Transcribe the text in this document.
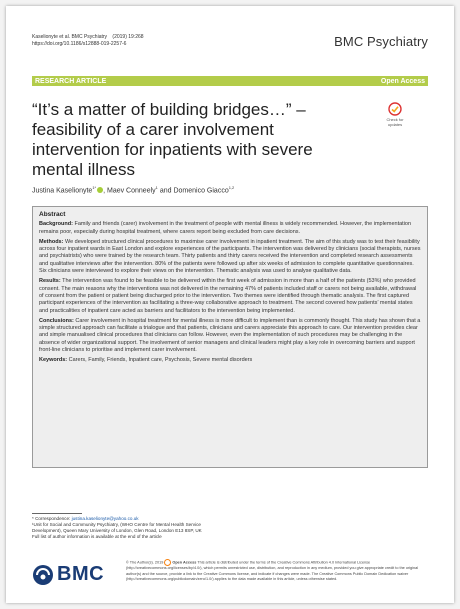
Kaselionyte et al. BMC Psychiatry (2019) 19:268
https://doi.org/10.1186/s12888-019-2257-6	BMC Psychiatry
RESEARCH ARTICLE	Open Access
“It’s a matter of building bridges…” – feasibility of a carer involvement intervention for inpatients with severe mental illness
Check for
updates
Justina Kaselionyte$^{1*}$ , Maev Conneely$^1$ and Domenico Giacco$^{1,2}$
Abstract

Background: Family and friends (carer) involvement in the treatment of people with mental illness is widely recommended. However, the implementation remains poor, especially during hospital treatment, where carers report being excluded from care decisions.

Methods: We developed structured clinical procedures to maximise carer involvement in inpatient treatment. The aim of this study was to test their feasibility across four inpatient wards in East London and explore experiences of the participants. The intervention was delivered by clinicians (social therapists, nurses and psychiatrists) who were trained by the research team. Thirty patients and thirty carers received the intervention and completed research assessments and qualitative interviews after the intervention. 80% of the patients were followed up after six weeks of admission to complete quantitative questionnaires. Six clinicians were interviewed to explore their views on the intervention. Thematic analysis was used to analyse qualitative data.

Results: The intervention was found to be feasible to be delivered within the first week of admission in more than a half of the patients (53%) who provided consent. The main reasons why the interventions was not delivered in the remaining 47% of patients included staff or carers not being available, withdrawal of consent from the patient or patient being discharged prior to the intervention. Two themes were identified through thematic analysis. The first captured participant experiences of the intervention as facilitating a three-way collaborative approach to treatment. The second covered how patients’ mental states and practicalities of inpatient care acted as barriers and facilitators to the intervention being implemented.

Conclusions: Carer involvement in hospital treatment for mental illness is more difficult to implement than is commonly thought. This study has shown that a simple structured approach can facilitate a trialogue and that patients, clinicians and carers appreciate this approach to care. Our intervention provides clear and simple manualised clinical procedures that clinicians can follow. However, even the implementation of such procedures may be challenging in the absence of wider organizational support. The involvement of senior managers and clinical leaders might play a key role in overcoming barriers and support front-line clinicians to prioritise and implement carer involvement.

Keywords: Carers, Family, Friends, Inpatient care, Psychosis, Severe mental disorders

* Correspondence: justina.kaselionyte@yahoo.co.uk
¹Unit for Social and Community Psychiatry, (WHO Centre for Mental Health Service Development), Queen Mary University of London, Glen Road, London E13 8SP, UK
Full list of author information is available at the end of the article
BMC
© The Author(s). 2019 Open Access This article is distributed under the terms of the Creative Commons Attribution 4.0 International License (http://creativecommons.org/licenses/by/4.0/), which permits unrestricted use, distribution, and reproduction in any medium, provided you give appropriate credit to the original author(s) and the source, provide a link to the Creative Commons license, and indicate if changes were made. The Creative Commons Public Domain Dedication waiver (http://creativecommons.org/publicdomain/zero/1.0/) applies to the data made available in this article, unless otherwise stated.
